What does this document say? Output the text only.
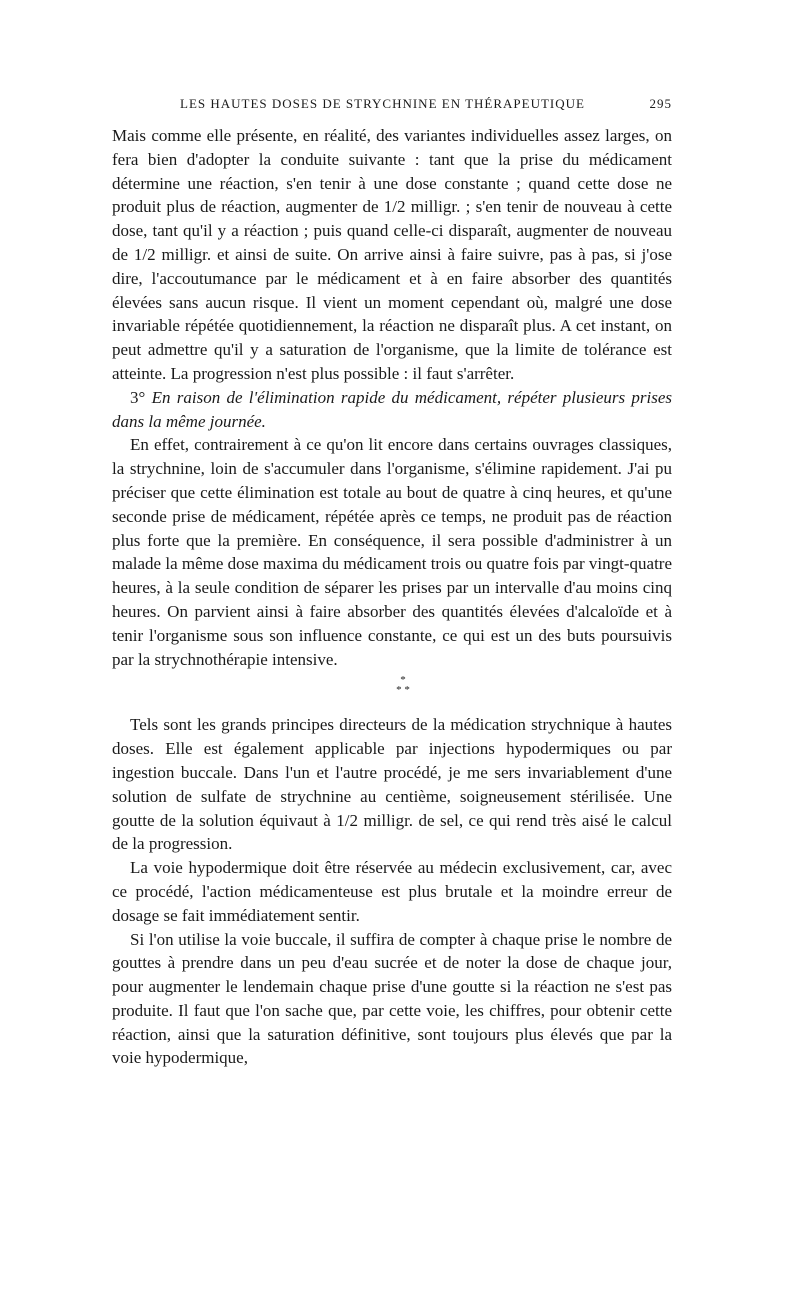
LES HAUTES DOSES DE STRYCHNINE EN THÉRAPEUTIQUE	295

Mais comme elle présente, en réalité, des variantes individuelles assez larges, on fera bien d'adopter la conduite suivante : tant que la prise du médicament détermine une réaction, s'en tenir à une dose constante ; quand cette dose ne produit plus de réaction, augmenter de 1/2 milligr. ; s'en tenir de nouveau à cette dose, tant qu'il y a réaction ; puis quand celle-ci disparaît, augmenter de nouveau de 1/2 milligr. et ainsi de suite. On arrive ainsi à faire suivre, pas à pas, si j'ose dire, l'accoutumance par le médicament et à en faire absorber des quantités élevées sans aucun risque. Il vient un moment cependant où, malgré une dose invariable répétée quotidiennement, la réaction ne disparaît plus. A cet instant, on peut admettre qu'il y a saturation de l'organisme, que la limite de tolérance est atteinte. La progression n'est plus possible : il faut s'arrêter.

3° En raison de l'élimination rapide du médicament, répéter plusieurs prises dans la même journée.

En effet, contrairement à ce qu'on lit encore dans certains ouvrages classiques, la strychnine, loin de s'accumuler dans l'organisme, s'élimine rapidement. J'ai pu préciser que cette élimination est totale au bout de quatre à cinq heures, et qu'une seconde prise de médicament, répétée après ce temps, ne produit pas de réaction plus forte que la première. En conséquence, il sera possible d'administrer à un malade la même dose maxima du médicament trois ou quatre fois par vingt-quatre heures, à la seule condition de séparer les prises par un intervalle d'au moins cinq heures. On parvient ainsi à faire absorber des quantités élevées d'alcaloïde et à tenir l'organisme sous son influence constante, ce qui est un des buts poursuivis par la strychnothérapie intensive.

*
* *

Tels sont les grands principes directeurs de la médication strychnique à hautes doses. Elle est également applicable par injections hypodermiques ou par ingestion buccale. Dans l'un et l'autre procédé, je me sers invariablement d'une solution de sulfate de strychnine au centième, soigneusement stérilisée. Une goutte de la solution équivaut à 1/2 milligr. de sel, ce qui rend très aisé le calcul de la progression.

La voie hypodermique doit être réservée au médecin exclusivement, car, avec ce procédé, l'action médicamenteuse est plus brutale et la moindre erreur de dosage se fait immédiatement sentir.

Si l'on utilise la voie buccale, il suffira de compter à chaque prise le nombre de gouttes à prendre dans un peu d'eau sucrée et de noter la dose de chaque jour, pour augmenter le lendemain chaque prise d'une goutte si la réaction ne s'est pas produite. Il faut que l'on sache que, par cette voie, les chiffres, pour obtenir cette réaction, ainsi que la saturation définitive, sont toujours plus élevés que par la voie hypodermique,
